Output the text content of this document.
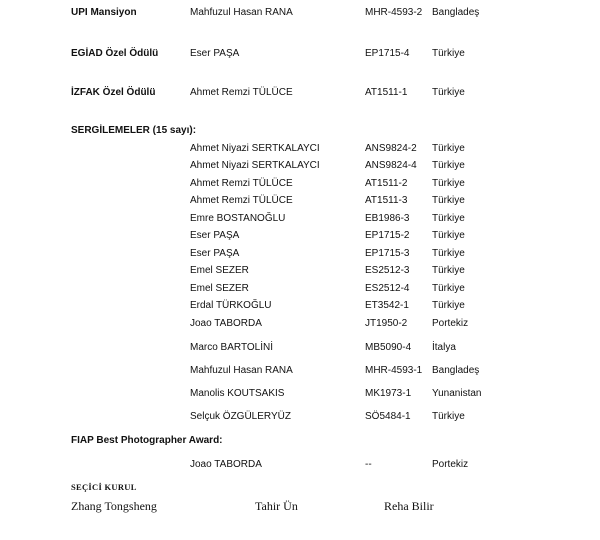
UPI Mansiyon	Mahfuzul Hasan RANA	MHR-4593-2 Bangladeş
EGİAD Özel Ödülü	Eser PAŞA	EP1715-4 Türkiye
İZFAK Özel Ödülü	Ahmet Remzi TÜLÜCE	AT1511-1 Türkiye
SERGİLEMELER (15 sayı):
Ahmet Niyazi SERTKALAYCI	ANS9824-2 Türkiye
Ahmet Niyazi SERTKALAYCI	ANS9824-4 Türkiye
Ahmet Remzi TÜLÜCE	AT1511-2 Türkiye
Ahmet Remzi TÜLÜCE	AT1511-3 Türkiye
Emre BOSTANOĞLU	EB1986-3 Türkiye
Eser PAŞA	EP1715-2 Türkiye
Eser PAŞA	EP1715-3 Türkiye
Emel SEZER	ES2512-3 Türkiye
Emel SEZER	ES2512-4 Türkiye
Erdal TÜRKOĞLU	ET3542-1 Türkiye
Joao TABORDA	JT1950-2 Portekiz
Marco BARTOLİNİ	MB5090-4 İtalya
Mahfuzul Hasan RANA	MHR-4593-1 Bangladeş
Manolis KOUTSAKIS	MK1973-1 Yunanistan
Selçuk ÖZGÜLERYÜZ	SÖ5484-1 Türkiye
FIAP Best Photographer Award:
Joao TABORDA	--	Portekiz
SEÇİCİ KURUL
Zhang Tongsheng	Tahir Ün	Reha Bilir
